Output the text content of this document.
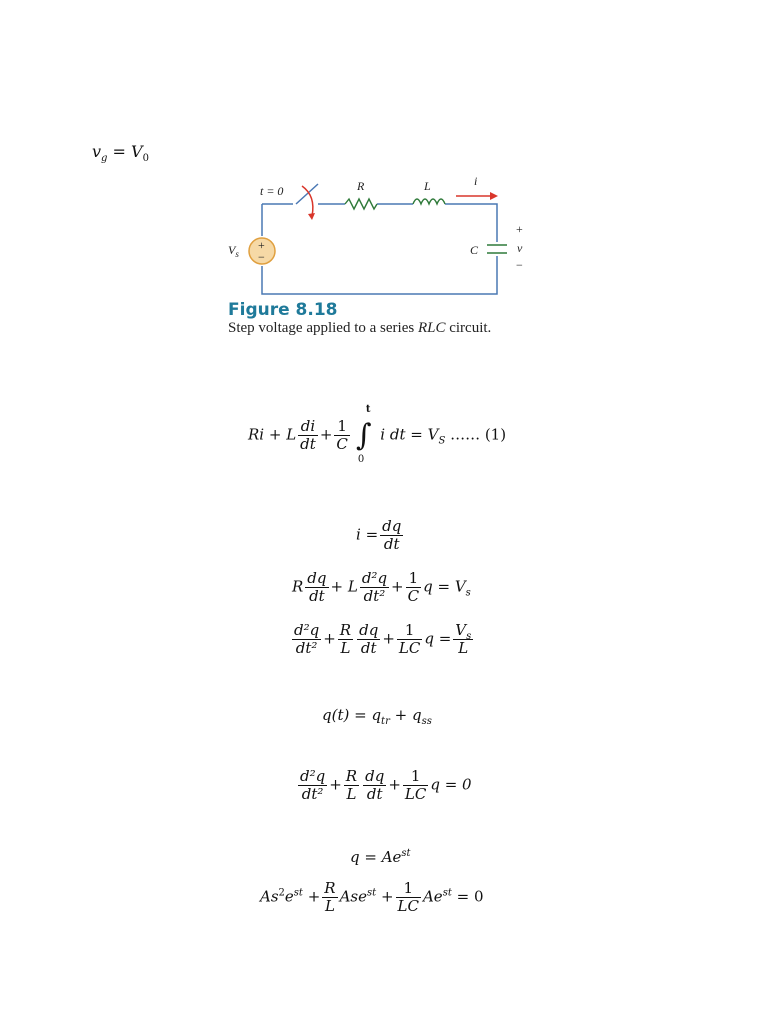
$v_g = V_0$
t = 0	R	L	i
+
−
$V_s$	C
+
v
−
Figure 8.18
Step voltage applied to a series RLC circuit.
Ri + L $\frac{di}{dt} + \frac{1}{C}$ ∫
t
0
i dt = $V_S$ …… (1)
$i = \frac{dq}{dt}$
R $\frac{dq}{dt} + L \frac{\text{d²q}}{\text{dt²}} + \frac{1}{C}$ $q = V_s$
$\frac{\text{d²q}}{\text{dt²}} + \frac{R}{L} \frac{dq}{dt} + \frac{1}{LC}$ $q = \frac{V_s}{L}$
$q(t) = q_{tr} + q_{ss}$
$\frac{\text{d²q}}{\text{dt²}} + \frac{R}{L} \frac{dq}{dt} + \frac{1}{LC}$ q = 0
$q = Ae^{st}$
$As^2e^{st} + \frac{R}{L} Ase^{st} + \frac{1}{LC} Ae^{st} = 0$
